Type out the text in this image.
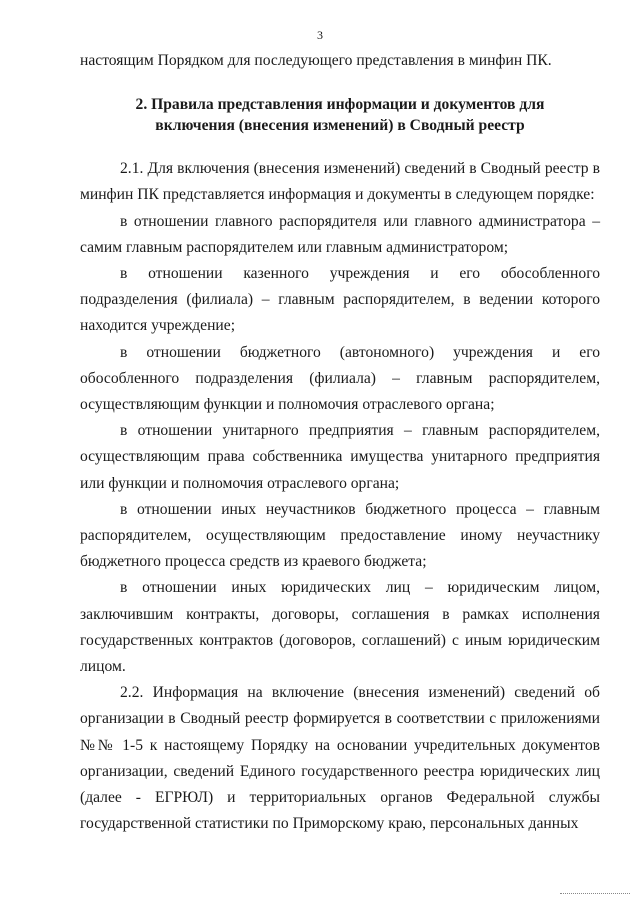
3

настоящим Порядком для последующего представления в минфин ПК.

2. Правила представления информации и документов для
включения (внесения изменений) в Сводный реестр

2.1. Для включения (внесения изменений) сведений в Сводный реестр в минфин ПК представляется информация и документы в следующем порядке:

в отношении главного распорядителя или главного администратора – самим главным распорядителем или главным администратором;

в отношении казенного учреждения и его обособленного подразделения (филиала) – главным распорядителем, в ведении которого находится учреждение;

в отношении бюджетного (автономного) учреждения и его обособленного подразделения (филиала) – главным распорядителем, осуществляющим функции и полномочия отраслевого органа;

в отношении унитарного предприятия – главным распорядителем, осуществляющим права собственника имущества унитарного предприятия или функции и полномочия отраслевого органа;

в отношении иных неучастников бюджетного процесса – главным распорядителем, осуществляющим предоставление иному неучастнику бюджетного процесса средств из краевого бюджета;

в отношении иных юридических лиц – юридическим лицом, заключившим контракты, договоры, соглашения в рамках исполнения государственных контрактов (договоров, соглашений) с иным юридическим лицом.

2.2. Информация на включение (внесения изменений) сведений об организации в Сводный реестр формируется в соответствии с приложениями №№ 1-5 к настоящему Порядку на основании учредительных документов организации, сведений Единого государственного реестра юридических лиц (далее - ЕГРЮЛ) и территориальных органов Федеральной службы государственной статистики по Приморскому краю, персональных данных
